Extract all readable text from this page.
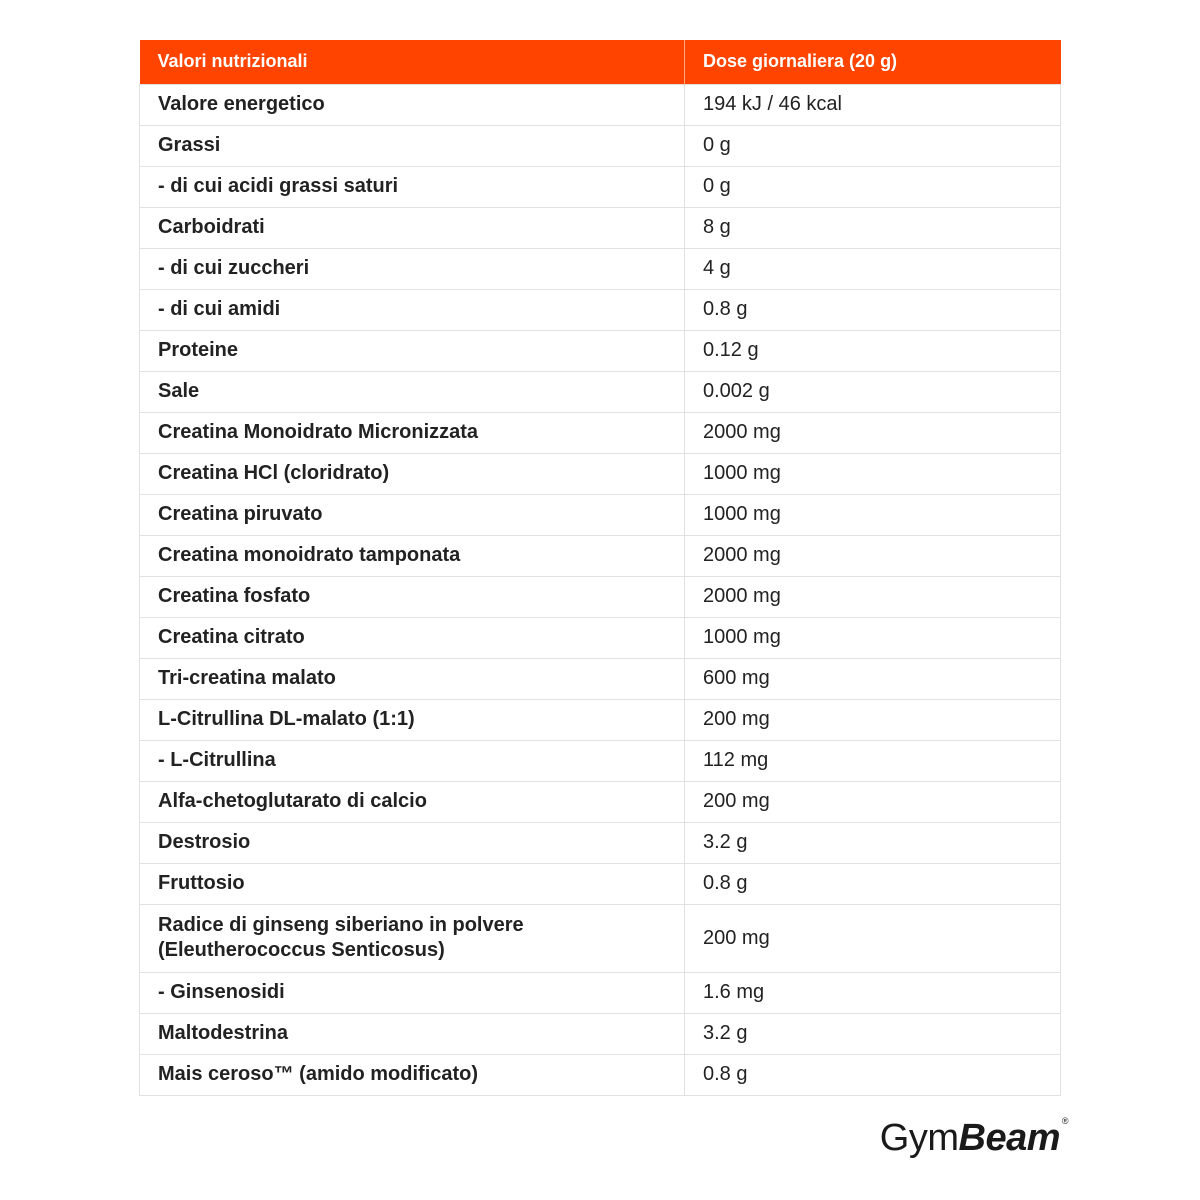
Valori nutrizionali	Dose giornaliera (20 g)
Valore energetico	194 kJ / 46 kcal
Grassi	0 g
- di cui acidi grassi saturi	0 g
Carboidrati	8 g
- di cui zuccheri	4 g
- di cui amidi	0.8 g
Proteine	0.12 g
Sale	0.002 g
Creatina Monoidrato Micronizzata	2000 mg
Creatina HCl (cloridrato)	1000 mg
Creatina piruvato	1000 mg
Creatina monoidrato tamponata	2000 mg
Creatina fosfato	2000 mg
Creatina citrato	1000 mg
Tri-creatina malato	600 mg
L-Citrullina DL-malato (1:1)	200 mg
- L-Citrullina	112 mg
Alfa-chetoglutarato di calcio	200 mg
Destrosio	3.2 g
Fruttosio	0.8 g
Radice di ginseng siberiano in polvere (Eleutherococcus Senticosus)	200 mg
- Ginsenosidi	1.6 mg
Maltodestrina	3.2 g
Mais ceroso™ (amido modificato)	0.8 g
GymBeam ®
